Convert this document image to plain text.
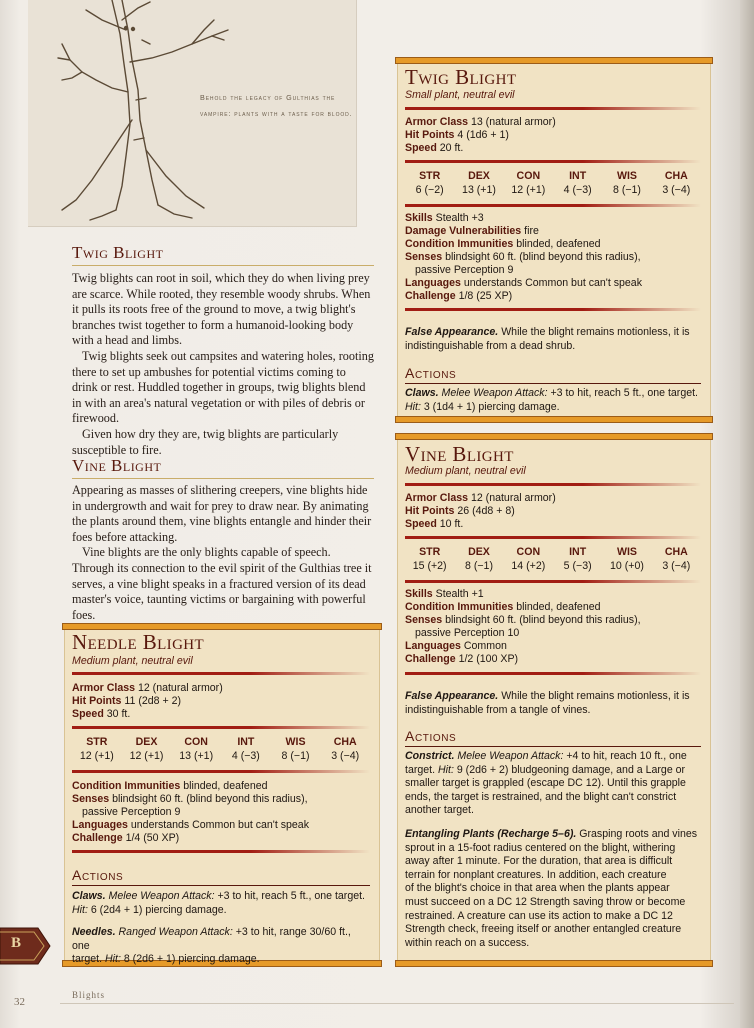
Behold the legacy of Gulthias the vampire: plants with a taste for blood.
Twig Blight

Twig blights can root in soil, which they do when living prey are scarce. While rooted, they resemble woody shrubs. When it pulls its roots free of the ground to move, a twig blight's branches twist together to form a humanoid-looking body with a head and limbs.

Twig blights seek out campsites and watering holes, rooting there to set up ambushes for potential victims coming to drink or rest. Huddled together in groups, twig blights blend in with an area's natural vegetation or with piles of debris or firewood.

Given how dry they are, twig blights are particularly susceptible to fire.

Vine Blight

Appearing as masses of slithering creepers, vine blights hide in undergrowth and wait for prey to draw near. By animating the plants around them, vine blights entangle and hinder their foes before attacking.

Vine blights are the only blights capable of speech. Through its connection to the evil spirit of the Gulthias tree it serves, a vine blight speaks in a fractured version of its dead master's voice, taunting victims or bargaining with powerful foes.

Needle Blight
Medium plant, neutral evil
Armor Class 12 (natural armor)
Hit Points 11 (2d8 + 2)
Speed 30 ft.
STR	DEX	CON	INT	WIS	CHA
12 (+1)	12 (+1)	13 (+1)	4 (−3)	8 (−1)	3 (−4)
Condition Immunities blinded, deafened
Senses blindsight 60 ft. (blind beyond this radius),
passive Perception 9
Languages understands Common but can't speak
Challenge 1/4 (50 XP)
Actions
Claws. Melee Weapon Attack: +3 to hit, reach 5 ft., one target.
Hit: 6 (2d4 + 1) piercing damage.
Needles. Ranged Weapon Attack: +3 to hit, range 30/60 ft., one
target. Hit: 8 (2d6 + 1) piercing damage.
Twig Blight
Small plant, neutral evil
Armor Class 13 (natural armor)
Hit Points 4 (1d6 + 1)
Speed 20 ft.
STR	DEX	CON	INT	WIS	CHA
6 (−2)	13 (+1)	12 (+1)	4 (−3)	8 (−1)	3 (−4)
Skills Stealth +3
Damage Vulnerabilities fire
Condition Immunities blinded, deafened
Senses blindsight 60 ft. (blind beyond this radius),
passive Perception 9
Languages understands Common but can't speak
Challenge 1/8 (25 XP)
False Appearance. While the blight remains motionless, it is
indistinguishable from a dead shrub.
Actions
Claws. Melee Weapon Attack: +3 to hit, reach 5 ft., one target.
Hit: 3 (1d4 + 1) piercing damage.
Vine Blight
Medium plant, neutral evil
Armor Class 12 (natural armor)
Hit Points 26 (4d8 + 8)
Speed 10 ft.
STR	DEX	CON	INT	WIS	CHA
15 (+2)	8 (−1)	14 (+2)	5 (−3)	10 (+0)	3 (−4)
Skills Stealth +1
Condition Immunities blinded, deafened
Senses blindsight 60 ft. (blind beyond this radius),
passive Perception 10
Languages Common
Challenge 1/2 (100 XP)
False Appearance. While the blight remains motionless, it is
indistinguishable from a tangle of vines.
Actions
Constrict. Melee Weapon Attack: +4 to hit, reach 10 ft., one
target. Hit: 9 (2d6 + 2) bludgeoning damage, and a Large or
smaller target is grappled (escape DC 12). Until this grapple
ends, the target is restrained, and the blight can't constrict
another target.
Entangling Plants (Recharge 5–6). Grasping roots and vines
sprout in a 15-foot radius centered on the blight, withering
away after 1 minute. For the duration, that area is difficult
terrain for nonplant creatures. In addition, each creature
of the blight's choice in that area when the plants appear
must succeed on a DC 12 Strength saving throw or become
restrained. A creature can use its action to make a DC 12
Strength check, freeing itself or another entangled creature
within reach on a success.
B
32
Blights
